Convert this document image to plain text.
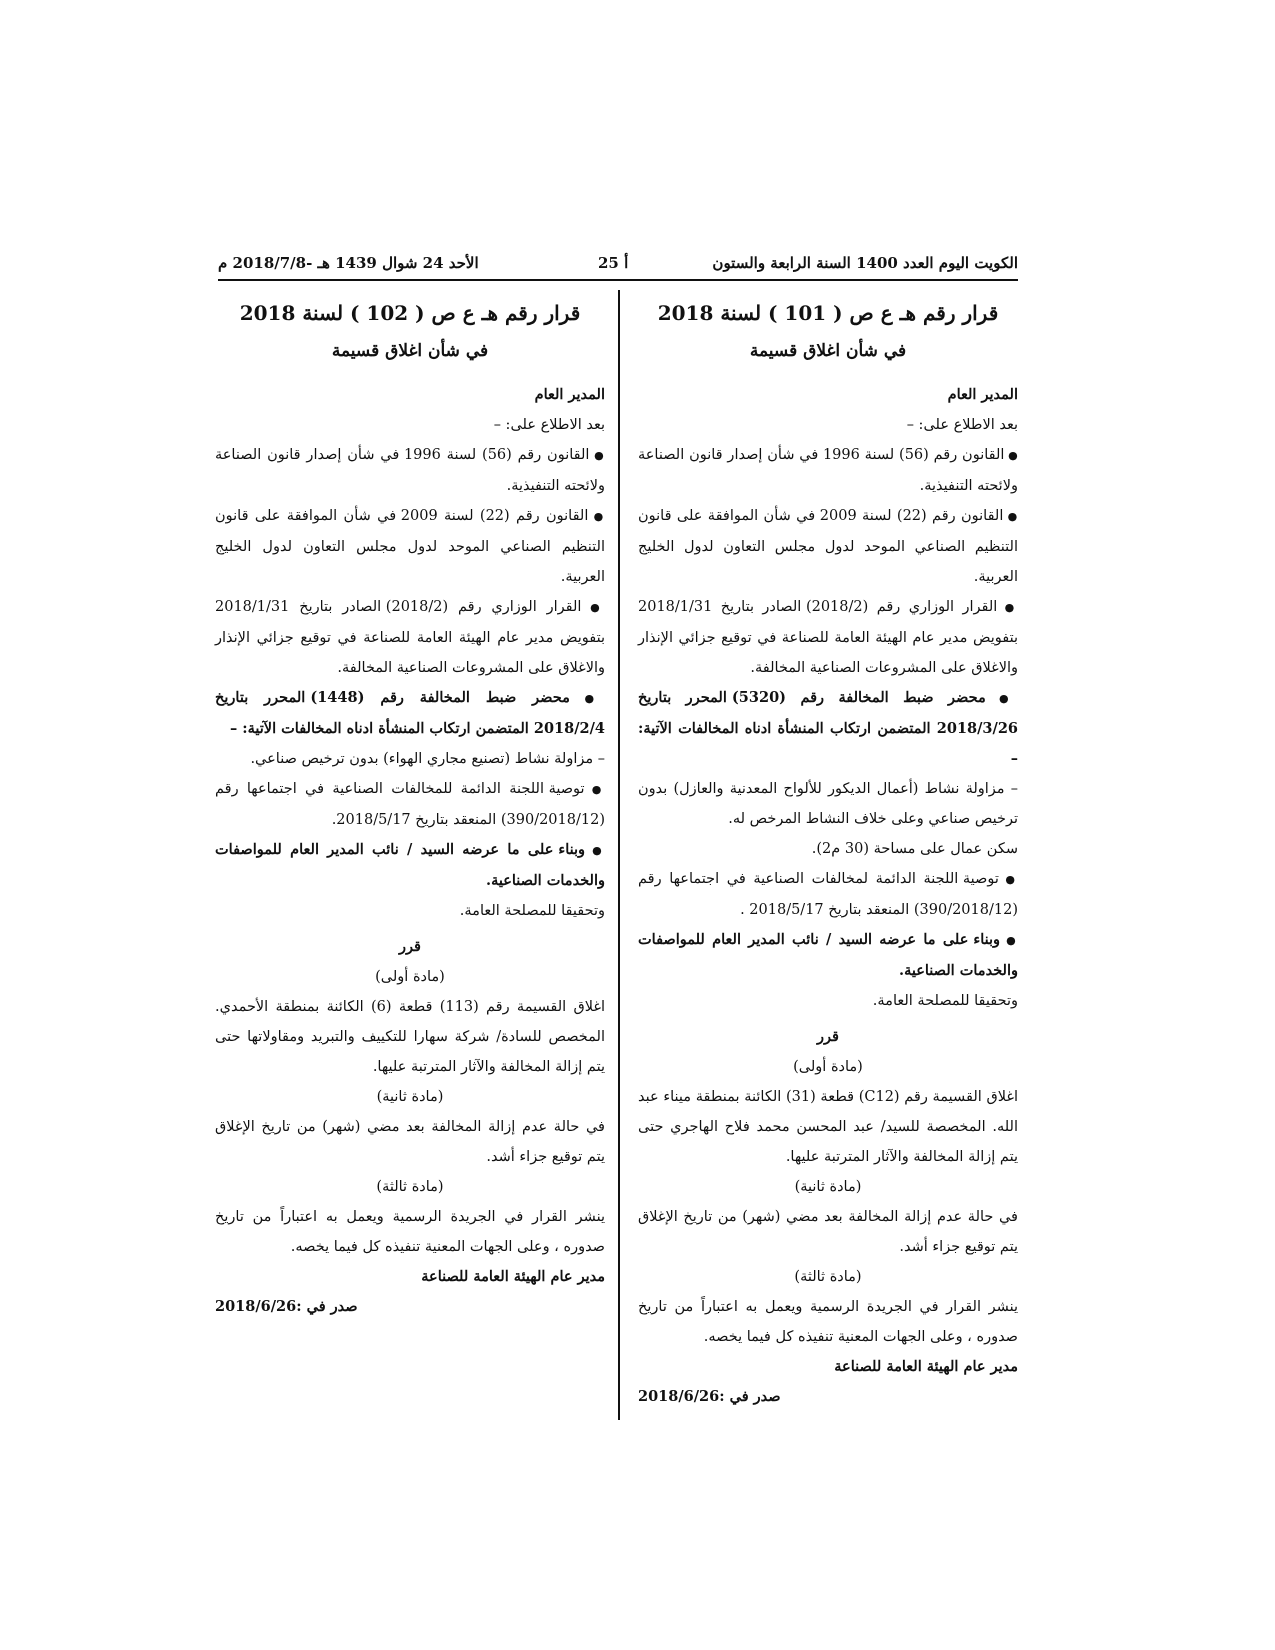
الكويت اليوم العدد 1400 السنة الرابعة والستون
أ 25
الأحد 24 شوال 1439 هـ -2018/7/8 م
قرار رقم هـ ع ص ( 101 ) لسنة 2018
في شأن اغلاق قسيمة

المدير العام

بعد الاطلاع على: –

● القانون رقم (56) لسنة 1996 في شأن إصدار قانون الصناعة ولائحته التنفيذية.

● القانون رقم (22) لسنة 2009 في شأن الموافقة على قانون التنظيم الصناعي الموحد لدول مجلس التعاون لدول الخليج العربية.

● القرار الوزاري رقم (2018/2) الصادر بتاريخ 2018/1/31 بتفويض مدير عام الهيئة العامة للصناعة في توقيع جزائي الإنذار والاغلاق على المشروعات الصناعية المخالفة.

● محضر ضبط المخالفة رقم (5320) المحرر بتاريخ 2018/3/26 المتضمن ارتكاب المنشأة ادناه المخالفات الآتية: –

– مزاولة نشاط (أعمال الديكور للألواح المعدنية والعازل) بدون ترخيص صناعي وعلى خلاف النشاط المرخص له.

سكن عمال على مساحة (30 م2).

● توصية اللجنة الدائمة لمخالفات الصناعية في اجتماعها رقم (390/2018/12) المنعقد بتاريخ 2018/5/17 .

● وبناء على ما عرضه السيد / نائب المدير العام للمواصفات والخدمات الصناعية.

وتحقيقا للمصلحة العامة.

قرر

(مادة أولى)

اغلاق القسيمة رقم (C12) قطعة (31) الكائنة بمنطقة ميناء عبد الله. المخصصة للسيد/ عبد المحسن محمد فلاح الهاجري حتى يتم إزالة المخالفة والآثار المترتبة عليها.

(مادة ثانية)

في حالة عدم إزالة المخالفة بعد مضي (شهر) من تاريخ الإغلاق يتم توقيع جزاء أشد.

(مادة ثالثة)

ينشر القرار في الجريدة الرسمية ويعمل به اعتباراً من تاريخ صدوره ، وعلى الجهات المعنية تنفيذه كل فيما يخصه.

مدير عام الهيئة العامة للصناعة

صدر في :2018/6/26

قرار رقم هـ ع ص ( 102 ) لسنة 2018
في شأن اغلاق قسيمة

المدير العام

بعد الاطلاع على: –

● القانون رقم (56) لسنة 1996 في شأن إصدار قانون الصناعة ولائحته التنفيذية.

● القانون رقم (22) لسنة 2009 في شأن الموافقة على قانون التنظيم الصناعي الموحد لدول مجلس التعاون لدول الخليج العربية.

● القرار الوزاري رقم (2018/2) الصادر بتاريخ 2018/1/31 بتفويض مدير عام الهيئة العامة للصناعة في توقيع جزائي الإنذار والاغلاق على المشروعات الصناعية المخالفة.

● محضر ضبط المخالفة رقم (1448) المحرر بتاريخ 2018/2/4 المتضمن ارتكاب المنشأة ادناه المخالفات الآتية: –

– مزاولة نشاط (تصنيع مجاري الهواء) بدون ترخيص صناعي.

● توصية اللجنة الدائمة للمخالفات الصناعية في اجتماعها رقم (390/2018/12) المنعقد بتاريخ 2018/5/17.

● وبناء على ما عرضه السيد / نائب المدير العام للمواصفات والخدمات الصناعية.

وتحقيقا للمصلحة العامة.

قرر

(مادة أولى)

اغلاق القسيمة رقم (113) قطعة (6) الكائنة بمنطقة الأحمدي. المخصص للسادة/ شركة سهارا للتكييف والتبريد ومقاولاتها حتى يتم إزالة المخالفة والآثار المترتبة عليها.

(مادة ثانية)

في حالة عدم إزالة المخالفة بعد مضي (شهر) من تاريخ الإغلاق يتم توقيع جزاء أشد.

(مادة ثالثة)

ينشر القرار في الجريدة الرسمية ويعمل به اعتباراً من تاريخ صدوره ، وعلى الجهات المعنية تنفيذه كل فيما يخصه.

مدير عام الهيئة العامة للصناعة

صدر في :2018/6/26
